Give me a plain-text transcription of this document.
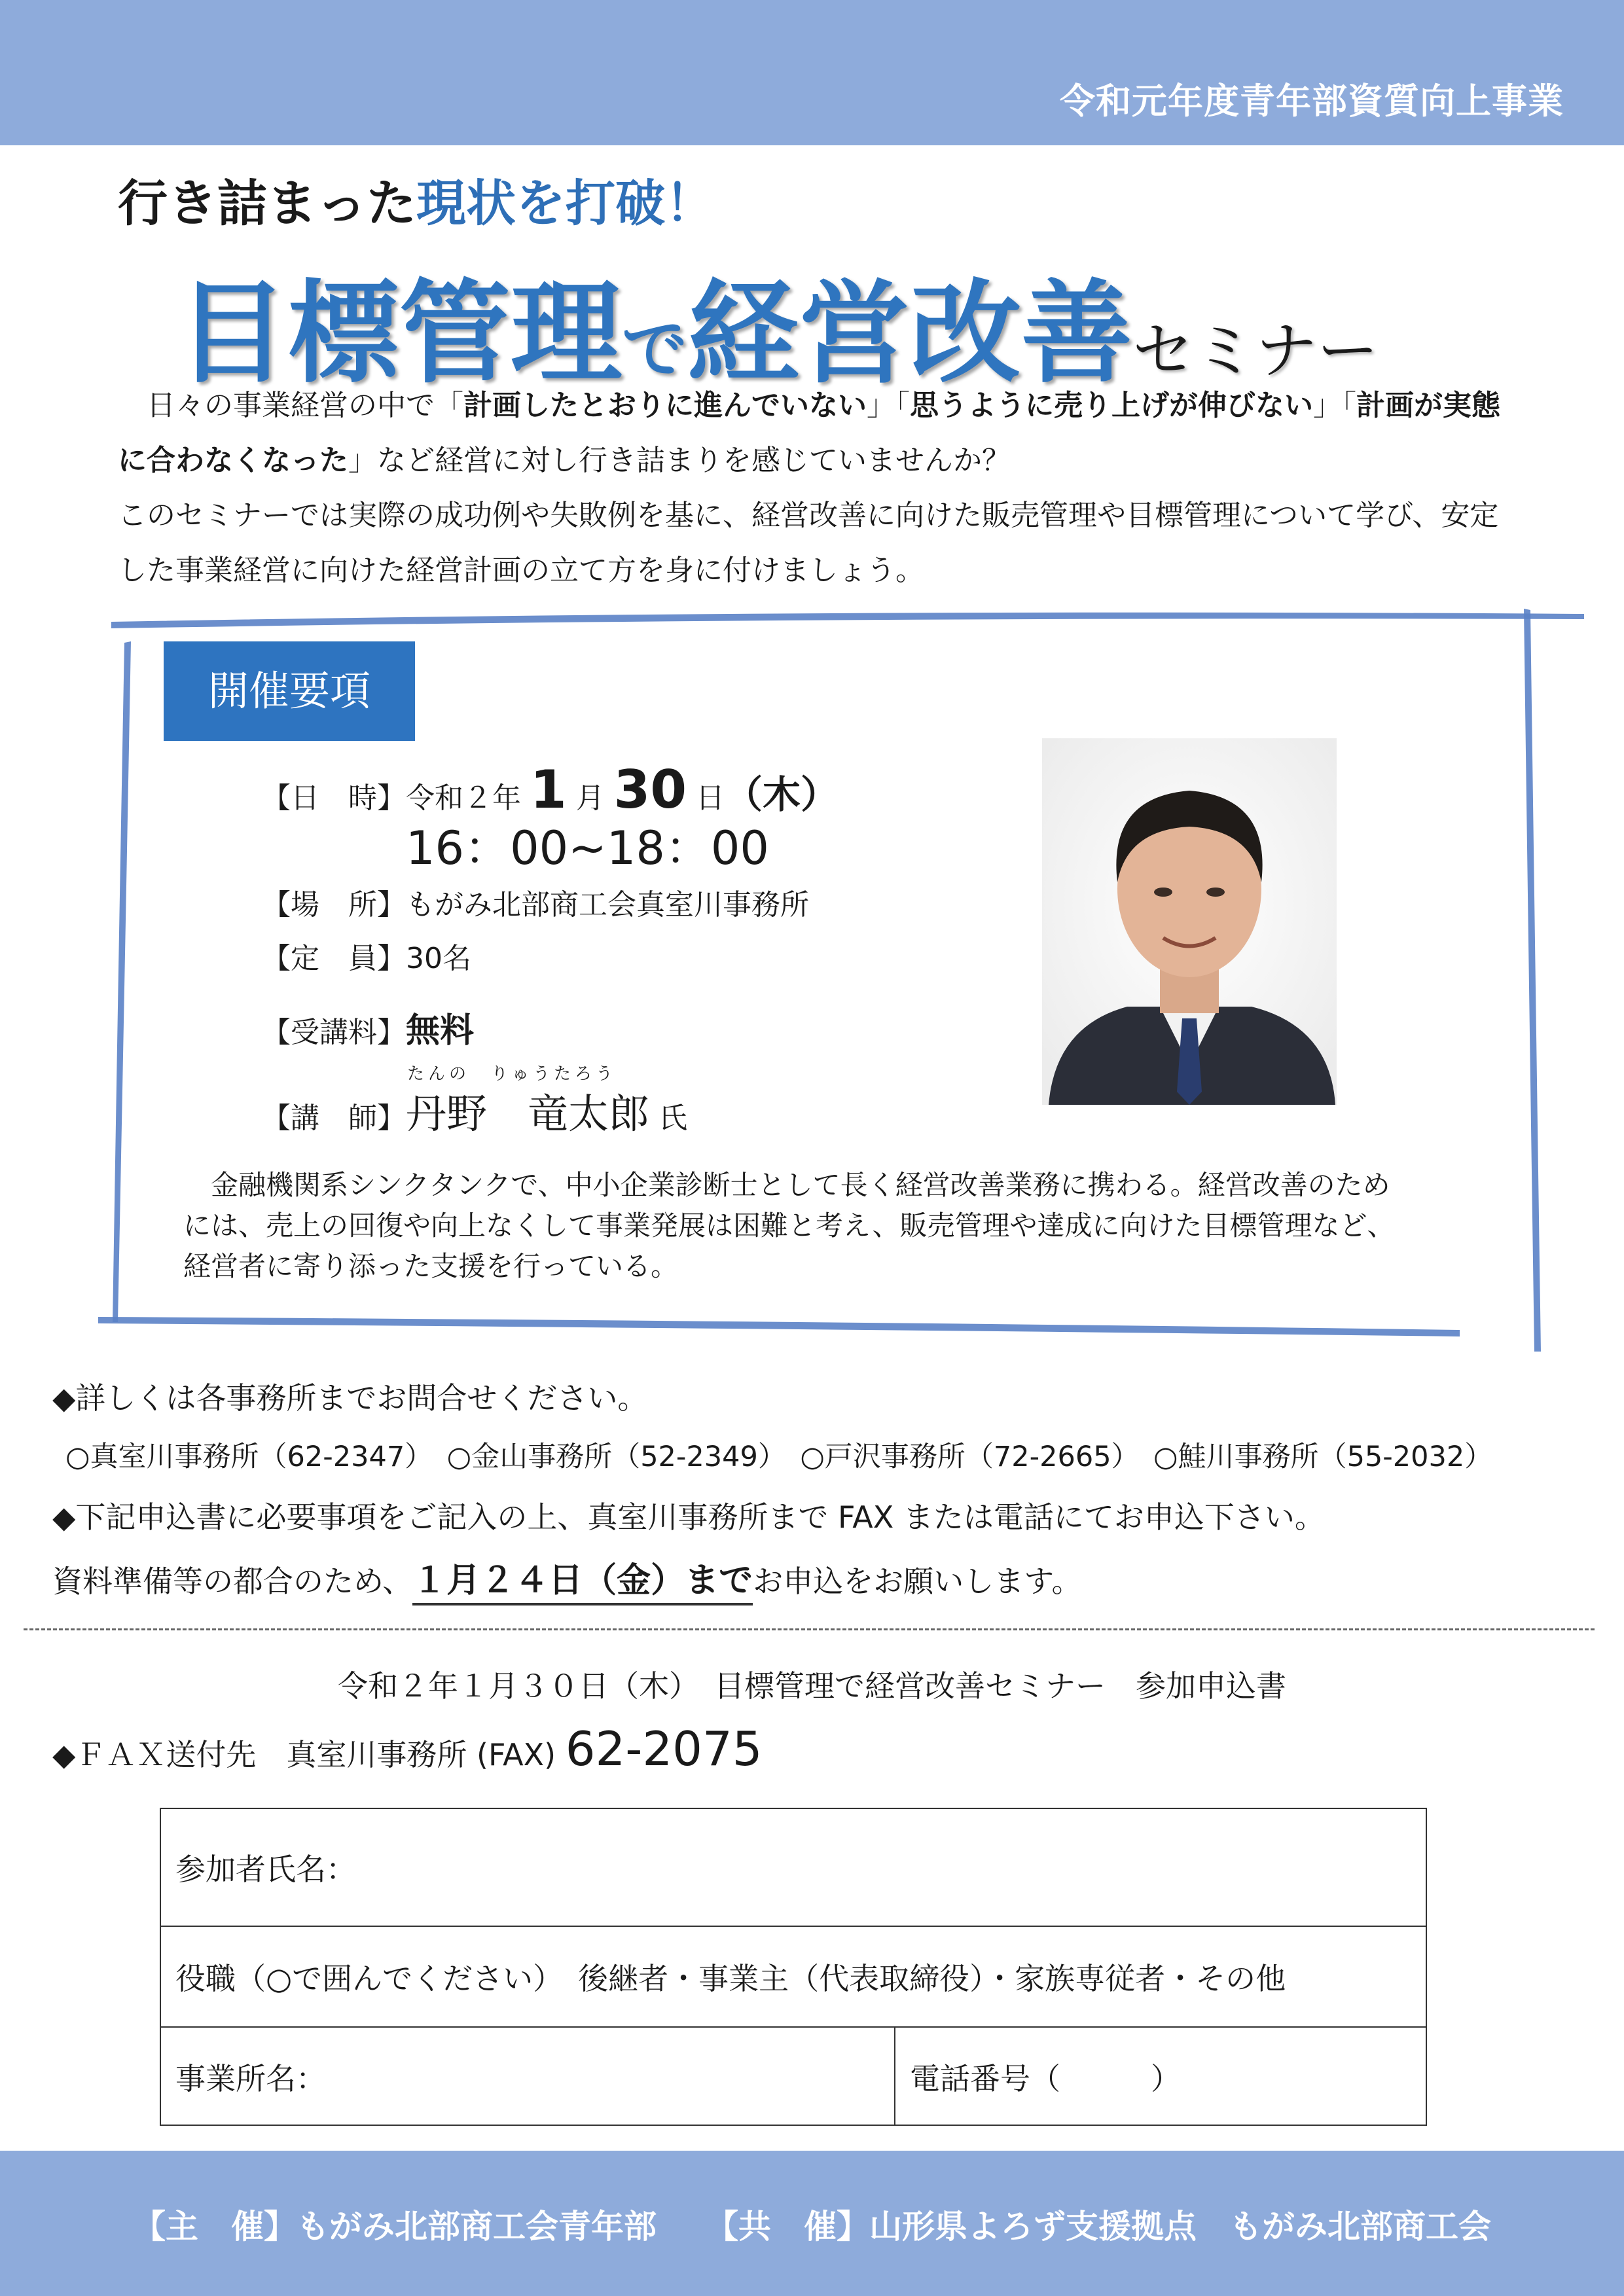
令和元年度青年部資質向上事業
行き詰まった現状を打破！
目標管理で経営改善セミナー

日々の事業経営の中で「計画したとおりに進んでいない」「思うように売り上げが伸びない」「計画が実態

に合わなくなった」など経営に対し行き詰まりを感じていませんか？

このセミナーでは実際の成功例や失敗例を基に、経営改善に向けた販売管理や目標管理について学び、安定

した事業経営に向けた経営計画の立て方を身に付けましょう。

開催要項
【日　時】令和２年 1 月 30 日（木）
16：00~18：00
【場　所】もがみ北部商工会真室川事務所
【定　員】30名
【受講料】無料
たんの　りゅうたろう
【講　師】丹野　竜太郎 氏
金融機関系シンクタンクで、中小企業診断士として長く経営改善業務に携わる。経営改善のため
には、売上の回復や向上なくして事業発展は困難と考え、販売管理や達成に向けた目標管理など、
経営者に寄り添った支援を行っている。
◆詳しくは各事務所までお問合せください。
○真室川事務所（62-2347）　○金山事務所（52-2349）　○戸沢事務所（72-2665）　○鮭川事務所（55-2032）
◆下記申込書に必要事項をご記入の上、真室川事務所まで FAX または電話にてお申込下さい。
資料準備等の都合のため、１月２４日（金）までお申込をお願いします。
令和２年１月３０日（木）　目標管理で経営改善セミナー　参加申込書
◆ＦＡＸ送付先　真室川事務所 (FAX) 62-2075
参加者氏名：
役職（○で囲んでください）　後継者・事業主（代表取締役）・家族専従者・その他
事業所名：	電話番号（　　　）
【主　催】もがみ北部商工会青年部　　【共　催】山形県よろず支援拠点　もがみ北部商工会
